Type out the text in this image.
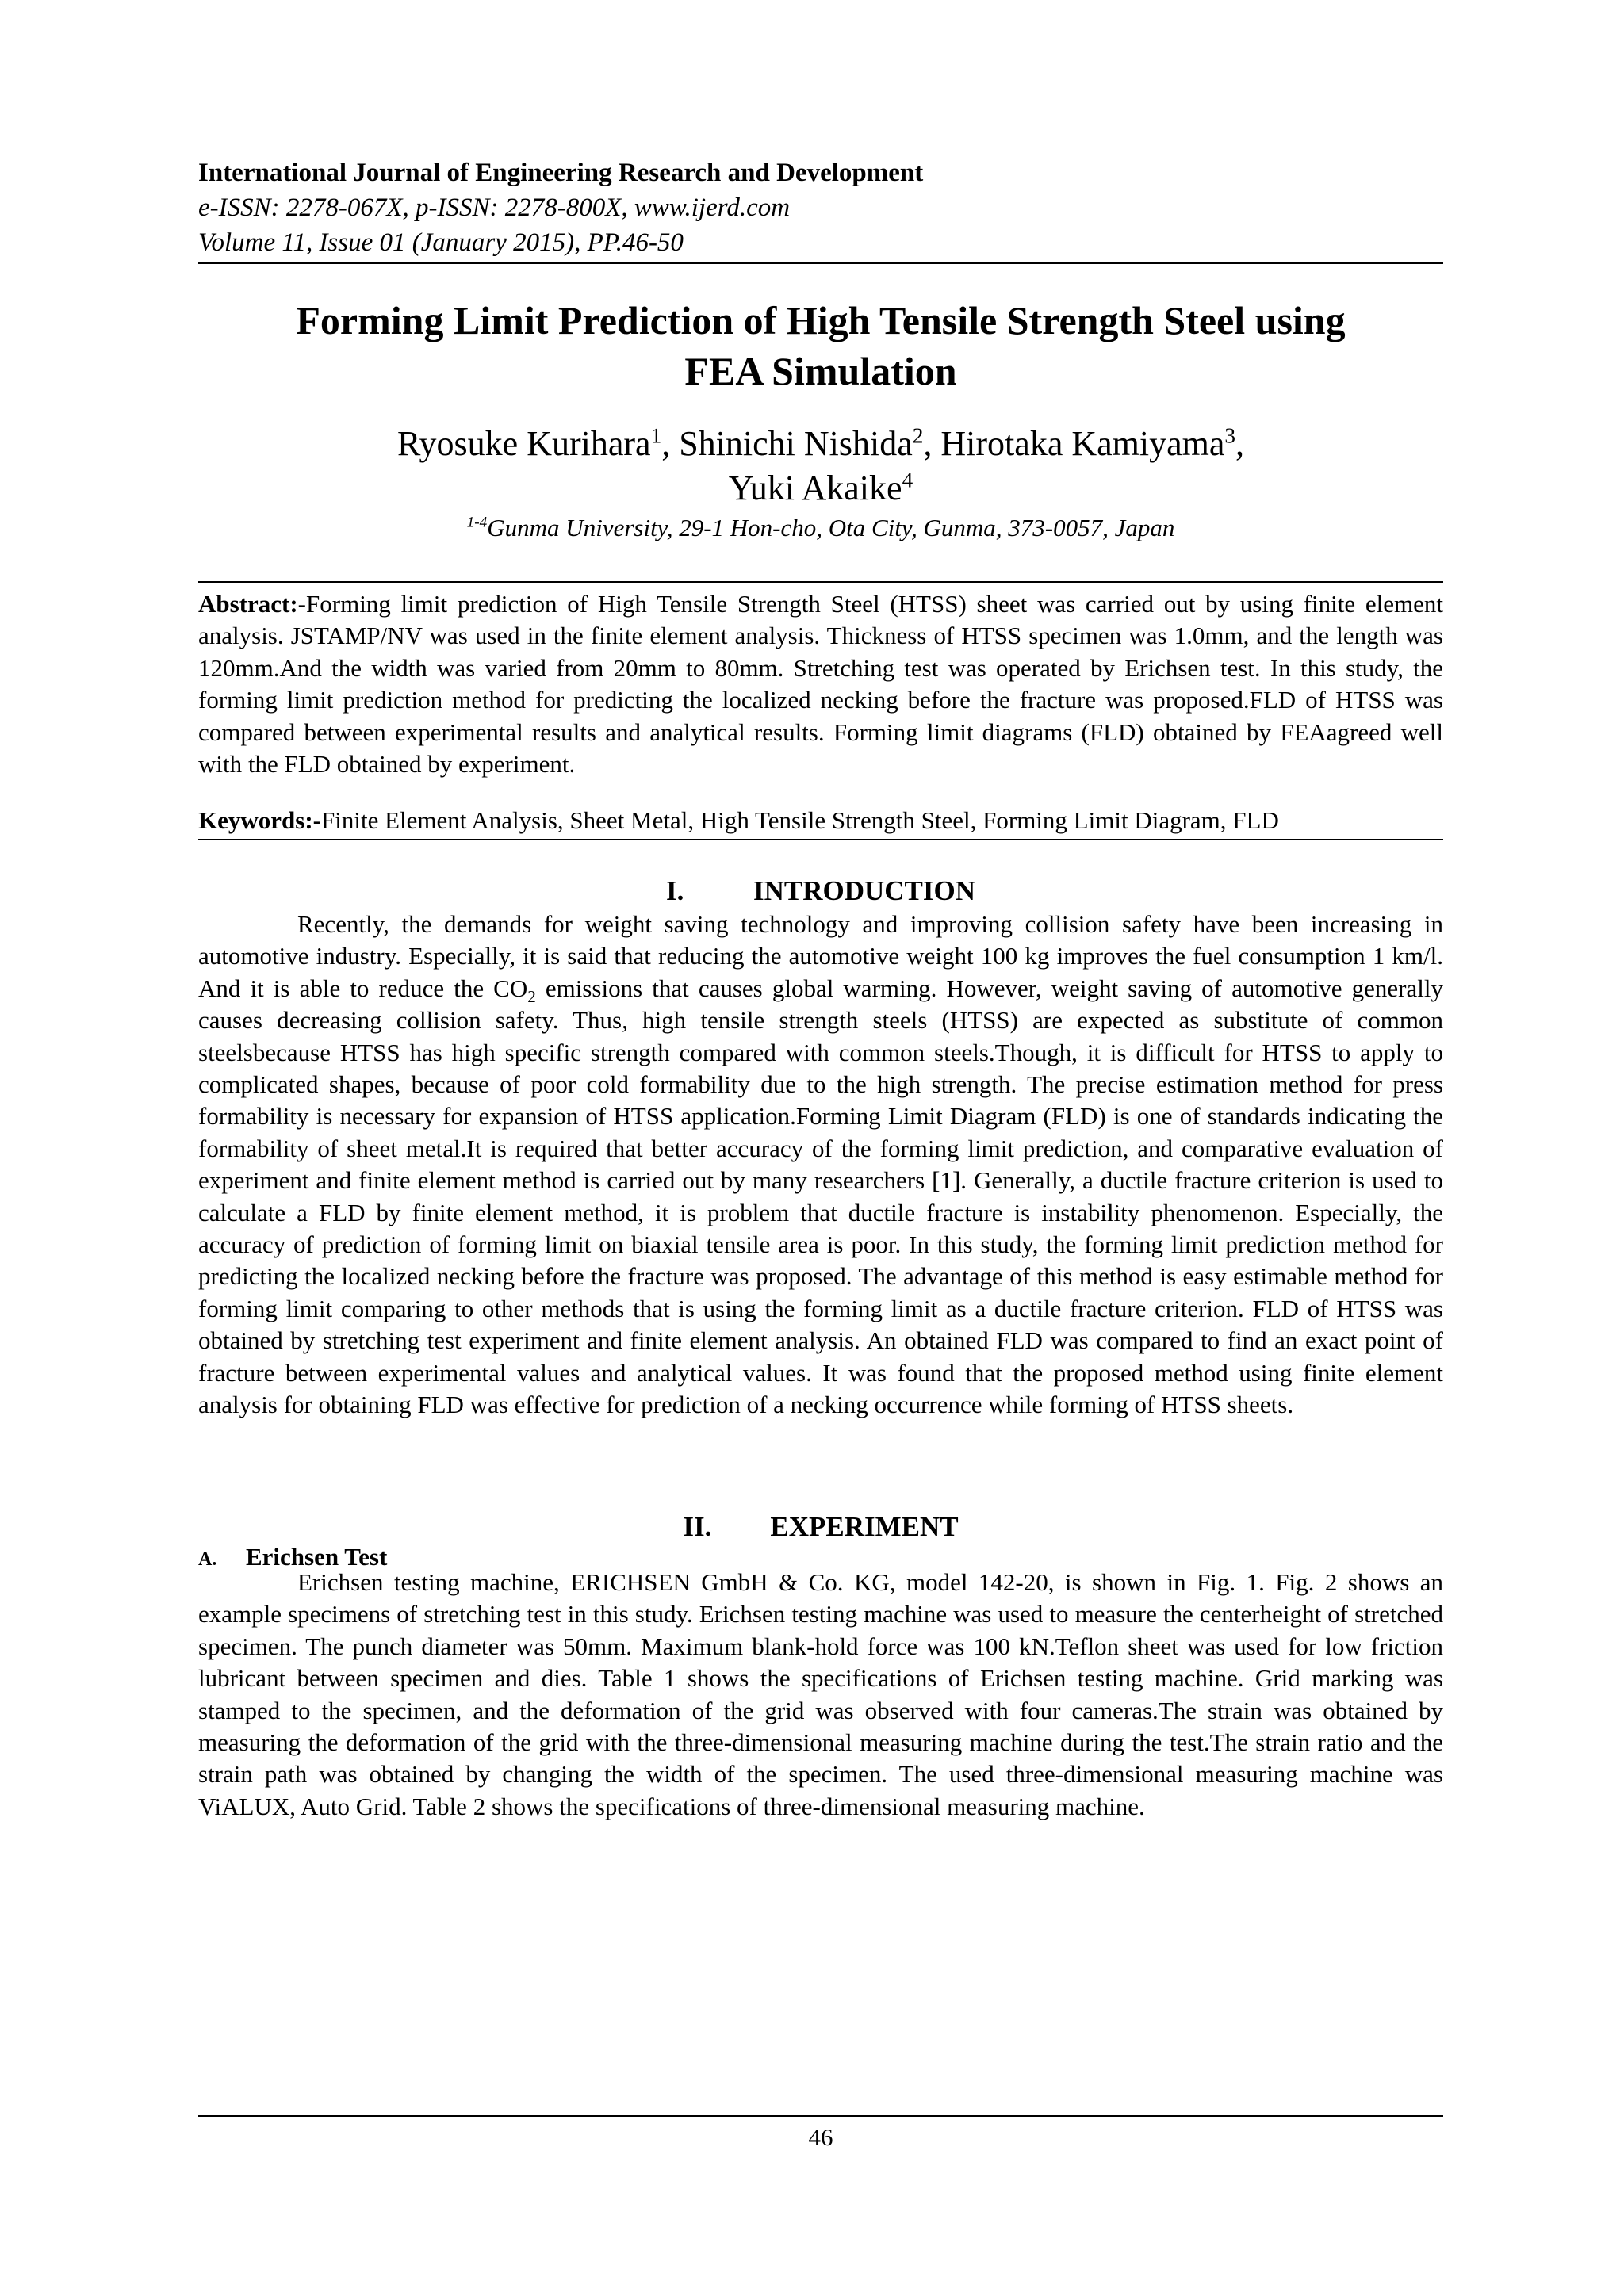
International Journal of Engineering Research and Development
e-ISSN: 2278-067X, p-ISSN: 2278-800X, www.ijerd.com
Volume 11, Issue 01 (January 2015), PP.46-50
Forming Limit Prediction of High Tensile Strength Steel using
FEA Simulation
Ryosuke Kurihara$^1$, Shinichi Nishida$^2$, Hirotaka Kamiyama$^3$,
Yuki Akaike$^4$
$^{1-4}$Gunma University, 29-1 Hon-cho, Ota City, Gunma, 373-0057, Japan

Abstract:-Forming limit prediction of High Tensile Strength Steel (HTSS) sheet was carried out by using finite element analysis. JSTAMP/NV was used in the finite element analysis. Thickness of HTSS specimen was 1.0mm, and the length was 120mm.And the width was varied from 20mm to 80mm. Stretching test was operated by Erichsen test. In this study, the forming limit prediction method for predicting the localized necking before the fracture was proposed.FLD of HTSS was compared between experimental results and analytical results. Forming limit diagrams (FLD) obtained by FEAagreed well with the FLD obtained by experiment.

Keywords:-Finite Element Analysis, Sheet Metal, High Tensile Strength Steel, Forming Limit Diagram, FLD

I.	INTRODUCTION

Recently, the demands for weight saving technology and improving collision safety have been increasing in automotive industry. Especially, it is said that reducing the automotive weight 100 kg improves the fuel consumption 1 km/l. And it is able to reduce the $CO_2$ emissions that causes global warming. However, weight saving of automotive generally causes decreasing collision safety. Thus, high tensile strength steels (HTSS) are expected as substitute of common steelsbecause HTSS has high specific strength compared with common steels.Though, it is difficult for HTSS to apply to complicated shapes, because of poor cold formability due to the high strength. The precise estimation method for press formability is necessary for expansion of HTSS application.Forming Limit Diagram (FLD) is one of standards indicating the formability of sheet metal.It is required that better accuracy of the forming limit prediction, and comparative evaluation of experiment and finite element method is carried out by many researchers [1]. Generally, a ductile fracture criterion is used to calculate a FLD by finite element method, it is problem that ductile fracture is instability phenomenon. Especially, the accuracy of prediction of forming limit on biaxial tensile area is poor. In this study, the forming limit prediction method for predicting the localized necking before the fracture was proposed. The advantage of this method is easy estimable method for forming limit comparing to other methods that is using the forming limit as a ductile fracture criterion. FLD of HTSS was obtained by stretching test experiment and finite element analysis. An obtained FLD was compared to find an exact point of fracture between experimental values and analytical values. It was found that the proposed method using finite element analysis for obtaining FLD was effective for prediction of a necking occurrence while forming of HTSS sheets.

II. EXPERIMENT
A. Erichsen Test

Erichsen testing machine, ERICHSEN GmbH & Co. KG, model 142-20, is shown in Fig. 1. Fig. 2 shows an example specimens of stretching test in this study. Erichsen testing machine was used to measure the centerheight of stretched specimen. The punch diameter was 50mm. Maximum blank-hold force was 100 kN.Teflon sheet was used for low friction lubricant between specimen and dies. Table 1 shows the specifications of Erichsen testing machine. Grid marking was stamped to the specimen, and the deformation of the grid was observed with four cameras.The strain was obtained by measuring the deformation of the grid with the three-dimensional measuring machine during the test.The strain ratio and the strain path was obtained by changing the width of the specimen. The used three-dimensional measuring machine was ViALUX, Auto Grid. Table 2 shows the specifications of three-dimensional measuring machine.

46
